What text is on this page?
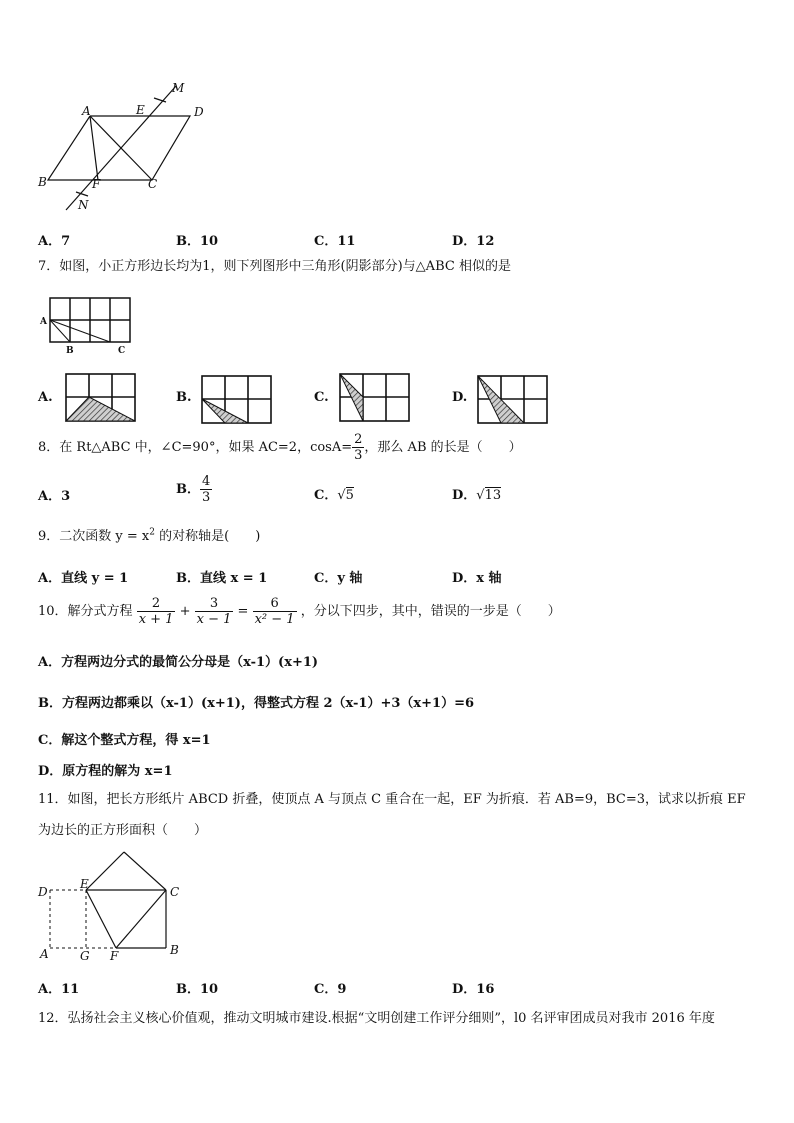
A	E
M
D
B	F	C
N
A．7	B．10	C．11	D．12
7．如图，小正方形边长均为1，则下列图形中三角形(阴影部分)与△ABC 相似的是
A
B	C
A.	B.	C.	D.
8．在 Rt△ABC 中，∠C=90°，如果 AC=2，$\cos A= \frac{2}{3}$ ，那么 AB 的长是（　　）
A．3	B． $\frac{4}{3}$	C．√5	D．√13
9．二次函数 $y = x^2$ 的对称轴是(　　)
A．直线 y = 1	B．直线 x = 1	C．y 轴	D．x 轴
10．解分式方程 $\frac{2}{x + 1} + \frac{3}{x - 1} = \frac{6}{\text{x² − 1}}$ ，分以下四步，其中，错误的一步是（　　）
A．方程两边分式的最简公分母是（x-1）(x+1)
B．方程两边都乘以（x-1）(x+1)，得整式方程 2（x-1）+3（x+1）=6
C．解这个整式方程，得 x=1
D．原方程的解为 x=1
11．如图，把长方形纸片 ABCD 折叠，使顶点 A 与顶点 C 重合在一起，EF 为折痕．若 AB=9，BC=3，试求以折痕 EF
为边长的正方形面积（　　）
D
E
C
A	G F	B
A．11	B．10	C．9	D．16
12．弘扬社会主义核心价值观，推动文明城市建设.根据“文明创建工作评分细则”，l0 名评审团成员对我市 2016 年度
